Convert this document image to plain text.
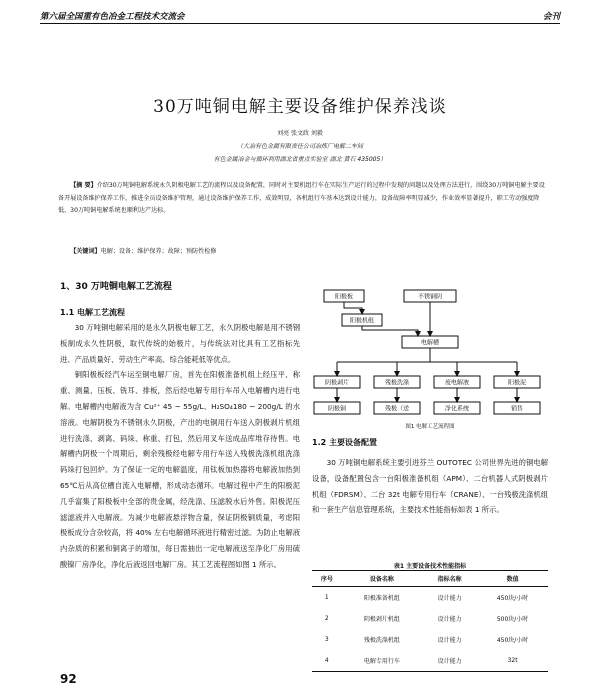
第六届全国重有色冶金工程技术交流会	会刊
30万吨铜电解主要设备维护保养浅谈
刘亮 张文政 刘毅
（大冶有色金属有限责任公司冶炼厂电解二车间
有色金属冶金与循环利用湖北省重点实验室 湖北 黄石 435005）
【摘 要】介绍30万吨铜电解系统永久阴极电解工艺的流程以及设备配置，同时对主要机组行车在实际生产运行的过程中发现的问题以及处理方法进行，围绕30万吨铜电解主要设备开展设备维护保养工作，推进全员设备维护管理，通过设备维护保养工作，成效明显，各机组行车基本达到设计能力，设备故障率明显减少，作业效率显著提升，职工劳动强度降低，30万吨铜电解系统也顺利达产达标。
【关键词】电解；设备；维护保养；故障；预防性检修
1、30 万吨铜电解工艺流程
1.1 电解工艺流程

30 万吨铜电解采用的是永久阴极电解工艺，永久阴极电解是用不锈钢板制成永久性阴极，取代传统的始极片，与传统法对比具有工艺指标先进、产品质量好、劳动生产率高、综合能耗低等优点。

铜阳极板经汽车运至铜电解厂房，首先在阳极准备机组上经压平、称重、测量、压板、铣耳、排板，然后经电解专用行车吊入电解槽内进行电解。电解槽内电解液为含 Cu²⁺ 45 ~ 55g/L、H₂SO₄180 ~ 200g/L 的水溶液。电解阴极为不锈钢永久阴极，产出的电铜用行车送入阴极剥片机组进行洗涤、剥离、码垛、称重、打包，然后用叉车送成品库堆存待售。电解槽内阴极一个周期后，剩余残极经电解专用行车送入残极洗涤机组洗涤码垛打包回炉。为了保证一定的电解温度，用钛板加热器将电解液加热到 65℃后从高位槽自流入电解槽，形成动态循环。电解过程中产生的阳极泥几乎富集了阳极板中全部的贵金属，经洗涤、压滤脱水后外售。阳极泥压滤滤液并入电解液。为减少电解液悬浮物含量，保证阴极铜质量，考虑阳极板成分含杂较高，将 40% 左右电解循环液进行精密过滤。为防止电解液内杂质的积累和铜离子的增加，每日需抽出一定电解液送至净化厂房用硫酸镍厂房净化，净化后液返回电解厂房。其工艺流程图如图 1 所示。

阳极板	不锈钢阴
阳极机组
电解槽
阴极剥片	残极洗涤	废电解液	阳极泥
阴极铜	残极（送	净化系统	销售
图1 电解工艺流程图
1.2 主要设备配置

30 万吨铜电解系统主要引进芬兰 OUTOTEC 公司世界先进的铜电解设备，设备配置包含一台阳极准备机组（APM）、二台机器人式阴极剥片机组（FDRSM）、二台 32t 电解专用行车（CRANE）、一台残极洗涤机组和一套生产信息管理系统，主要技术性能指标如表 1 所示。

表1 主要设备技术性能指标
序号	设备名称	指标名称	数值
1	阳极准备机组	设计能力	450块/小时
2	阴极剥片机组	设计能力	500块/小时
3	残极洗涤机组	设计能力	450块/小时
4	电解专用行车	设计能力	32t
92
